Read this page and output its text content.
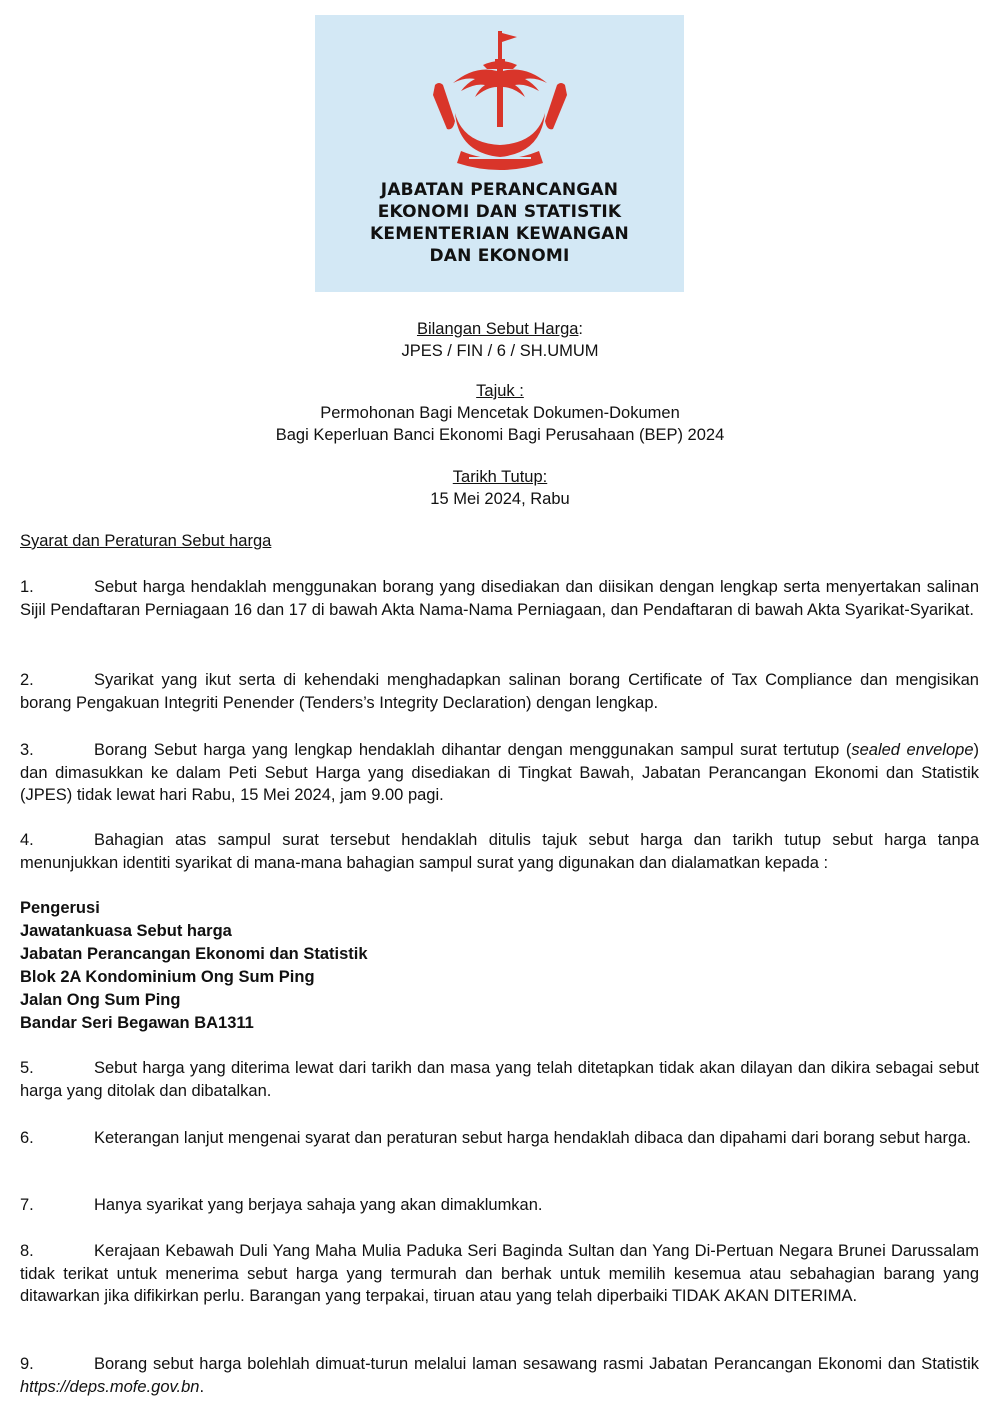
JABATAN PERANCANGAN
EKONOMI DAN STATISTIK
KEMENTERIAN KEWANGAN
DAN EKONOMI
Bilangan Sebut Harga:
JPES / FIN / 6 / SH.UMUM
Tajuk :
Permohonan Bagi Mencetak Dokumen-Dokumen
Bagi Keperluan Banci Ekonomi Bagi Perusahaan (BEP) 2024
Tarikh Tutup:
15 Mei 2024, Rabu
Syarat dan Peraturan Sebut harga
1.	Sebut harga hendaklah menggunakan borang yang disediakan dan diisikan dengan lengkap serta menyertakan salinan Sijil Pendaftaran Perniagaan 16 dan 17 di bawah Akta Nama-Nama Perniagaan, dan Pendaftaran di bawah Akta Syarikat-Syarikat.
2.	Syarikat yang ikut serta di kehendaki menghadapkan salinan borang Certificate of Tax Compliance dan mengisikan borang Pengakuan Integriti Penender (Tenders’s Integrity Declaration) dengan lengkap.
3.	Borang Sebut harga yang lengkap hendaklah dihantar dengan menggunakan sampul surat tertutup (sealed envelope) dan dimasukkan ke dalam Peti Sebut Harga yang disediakan di Tingkat Bawah, Jabatan Perancangan Ekonomi dan Statistik (JPES) tidak lewat hari Rabu, 15 Mei 2024, jam 9.00 pagi.
4.	Bahagian atas sampul surat tersebut hendaklah ditulis tajuk sebut harga dan tarikh tutup sebut harga tanpa menunjukkan identiti syarikat di mana-mana bahagian sampul surat yang digunakan dan dialamatkan kepada :
Pengerusi
Jawatankuasa Sebut harga
Jabatan Perancangan Ekonomi dan Statistik
Blok 2A Kondominium Ong Sum Ping
Jalan Ong Sum Ping
Bandar Seri Begawan BA1311
5.	Sebut harga yang diterima lewat dari tarikh dan masa yang telah ditetapkan tidak akan dilayan dan dikira sebagai sebut harga yang ditolak dan dibatalkan.
6.	Keterangan lanjut mengenai syarat dan peraturan sebut harga hendaklah dibaca dan dipahami dari borang sebut harga.
7.	Hanya syarikat yang berjaya sahaja yang akan dimaklumkan.
8.	Kerajaan Kebawah Duli Yang Maha Mulia Paduka Seri Baginda Sultan dan Yang Di-Pertuan Negara Brunei Darussalam tidak terikat untuk menerima sebut harga yang termurah dan berhak untuk memilih kesemua atau sebahagian barang yang ditawarkan jika difikirkan perlu. Barangan yang terpakai, tiruan atau yang telah diperbaiki TIDAK AKAN DITERIMA.
9.	Borang sebut harga bolehlah dimuat-turun melalui laman sesawang rasmi Jabatan Perancangan Ekonomi dan Statistik https://deps.mofe.gov.bn.
